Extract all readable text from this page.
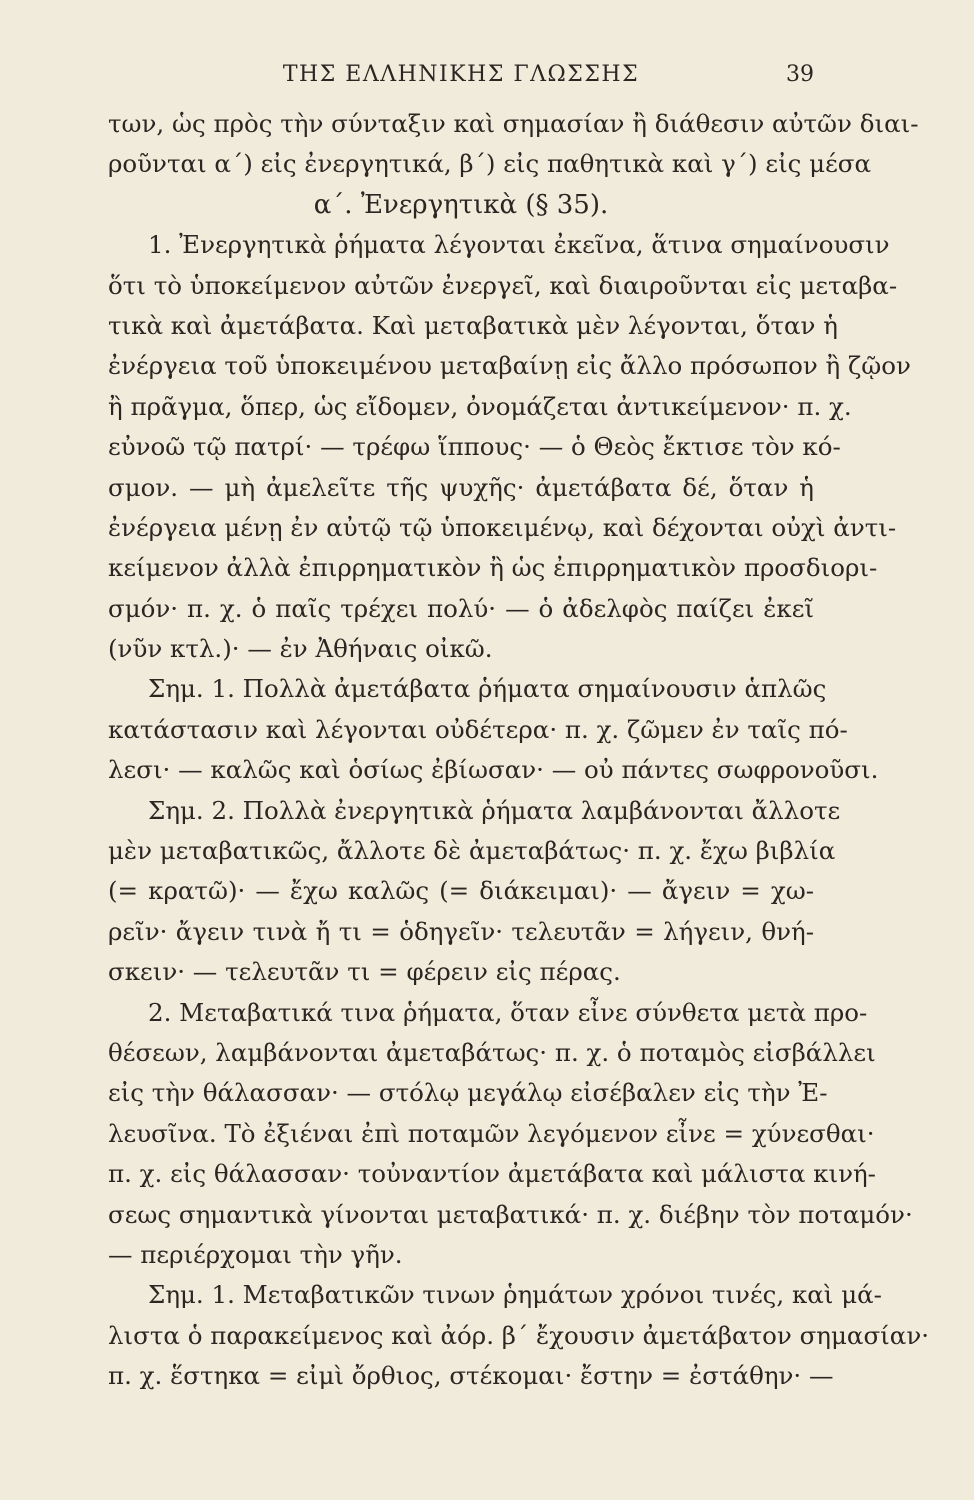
ΤΗΣ ΕΛΛΗΝΙΚΗΣ ΓΛΩΣΣΗΣ	39
των, ὡς πρὸς τὴν σύνταξιν καὶ σημασίαν ἢ διάθεσιν αὐτῶν διαι-
ροῦνται α΄) εἰς ἐνεργητικά, β΄) εἰς παθητικὰ καὶ γ΄) εἰς μέσα
α΄. Ἐνεργητικὰ (§ 35).
1. Ἐνεργητικὰ ῥήματα λέγονται ἐκεῖνα, ἅτινα σημαίνουσιν
ὅτι τὸ ὑποκείμενον αὐτῶν ἐνεργεῖ, καὶ διαιροῦνται εἰς μεταβα-
τικὰ καὶ ἀμετάβατα. Καὶ μεταβατικὰ μὲν λέγονται, ὅταν ἡ
ἐνέργεια τοῦ ὑποκειμένου μεταβαίνῃ εἰς ἄλλο πρόσωπον ἢ ζῷον
ἢ πρᾶγμα, ὅπερ, ὡς εἴδομεν, ὀνομάζεται ἀντικείμενον· π. χ.
εὐνοῶ τῷ πατρί· — τρέφω ἵππους· — ὁ Θεὸς ἔκτισε τὸν κό-
σμον. — μὴ ἀμελεῖτε τῆς ψυχῆς· ἀμετάβατα δέ, ὅταν ἡ
ἐνέργεια μένῃ ἐν αὐτῷ τῷ ὑποκειμένῳ, καὶ δέχονται οὐχὶ ἀντι-
κείμενον ἀλλὰ ἐπιρρηματικὸν ἢ ὡς ἐπιρρηματικὸν προσδιορι-
σμόν· π. χ. ὁ παῖς τρέχει πολύ· — ὁ ἀδελφὸς παίζει ἐκεῖ
(νῦν κτλ.)· — ἐν Ἀθήναις οἰκῶ.
Σημ. 1. Πολλὰ ἀμετάβατα ῥήματα σημαίνουσιν ἁπλῶς
κατάστασιν καὶ λέγονται οὐδέτερα· π. χ. ζῶμεν ἐν ταῖς πό-
λεσι· — καλῶς καὶ ὁσίως ἐβίωσαν· — οὐ πάντες σωφρονοῦσι.
Σημ. 2. Πολλὰ ἐνεργητικὰ ῥήματα λαμβάνονται ἄλλοτε
μὲν μεταβατικῶς, ἄλλοτε δὲ ἀμεταβάτως· π. χ. ἔχω βιβλία
(= κρατῶ)· — ἔχω καλῶς (= διάκειμαι)· — ἄγειν = χω-
ρεῖν· ἄγειν τινὰ ἤ τι = ὁδηγεῖν· τελευτᾶν = λήγειν, θνή-
σκειν· — τελευτᾶν τι = φέρειν εἰς πέρας.
2. Μεταβατικά τινα ῥήματα, ὅταν εἶνε σύνθετα μετὰ προ-
θέσεων, λαμβάνονται ἀμεταβάτως· π. χ. ὁ ποταμὸς εἰσβάλλει
εἰς τὴν θάλασσαν· — στόλῳ μεγάλῳ εἰσέβαλεν εἰς τὴν Ἐ-
λευσῖνα. Τὸ ἐξιέναι ἐπὶ ποταμῶν λεγόμενον εἶνε = χύνεσθαι·
π. χ. εἰς θάλασσαν· τοὐναντίον ἀμετάβατα καὶ μάλιστα κινή-
σεως σημαντικὰ γίνονται μεταβατικά· π. χ. διέβην τὸν ποταμόν·
— περιέρχομαι τὴν γῆν.
Σημ. 1. Μεταβατικῶν τινων ῥημάτων χρόνοι τινές, καὶ μά-
λιστα ὁ παρακείμενος καὶ ἀόρ. β΄ ἔχουσιν ἀμετάβατον σημασίαν·
π. χ. ἕστηκα = εἰμὶ ὄρθιος, στέκομαι· ἔστην = ἐστάθην· —
